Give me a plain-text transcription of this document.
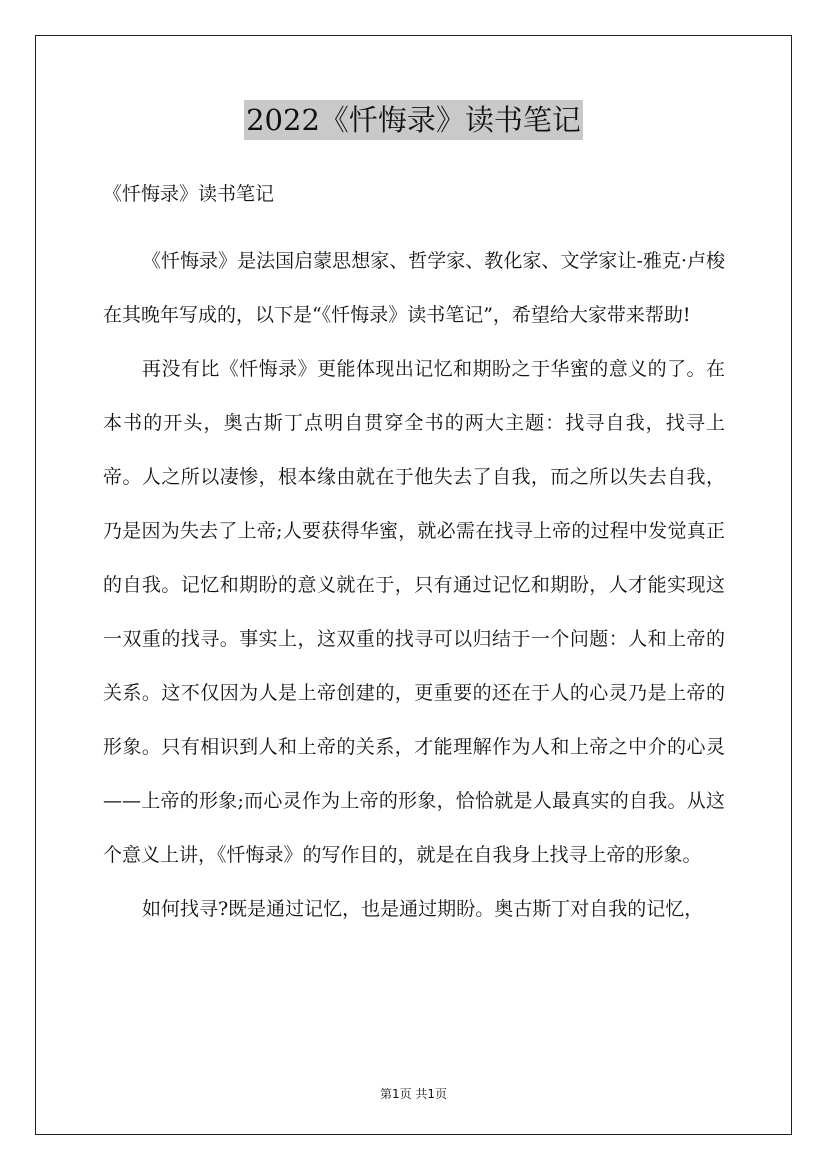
2022《忏悔录》读书笔记
《忏悔录》读书笔记

《忏悔录》是法国启蒙思想家、哲学家、教化家、文学家让-雅克·卢梭在其晚年写成的，以下是“《忏悔录》读书笔记”，希望给大家带来帮助!

再没有比《忏悔录》更能体现出记忆和期盼之于华蜜的意义的了。在本书的开头，奥古斯丁点明自贯穿全书的两大主题：找寻自我，找寻上帝。人之所以凄惨，根本缘由就在于他失去了自我，而之所以失去自我，乃是因为失去了上帝;人要获得华蜜，就必需在找寻上帝的过程中发觉真正的自我。记忆和期盼的意义就在于，只有通过记忆和期盼，人才能实现这一双重的找寻。事实上，这双重的找寻可以归结于一个问题：人和上帝的关系。这不仅因为人是上帝创建的，更重要的还在于人的心灵乃是上帝的形象。只有相识到人和上帝的关系，才能理解作为人和上帝之中介的心灵——上帝的形象;而心灵作为上帝的形象，恰恰就是人最真实的自我。从这个意义上讲，《忏悔录》的写作目的，就是在自我身上找寻上帝的形象。

如何找寻?既是通过记忆，也是通过期盼。奥古斯丁对自我的记忆，

第1页 共1页
